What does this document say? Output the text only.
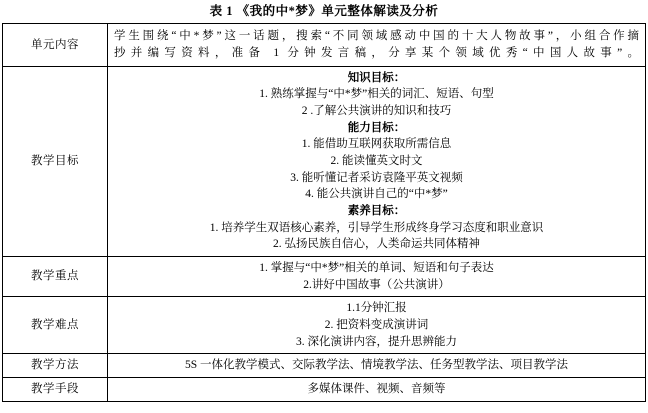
表 1 《我的中*梦》单元整体解读及分析
单元内容	学生围绕“中*梦”这一话题，搜索“不同领域感动中国的十大人物故事”，小组合作摘
抄并编写资料，准备 1 分钟发言稿，分享某个领域优秀“中国人故事”。

教学目标	
知识目标：
1. 熟练掌握与“中*梦”相关的词汇、短语、句型
2 .了解公共演讲的知识和技巧
能力目标：
1. 能借助互联网获取所需信息
2. 能读懂英文时文
3. 能听懂记者采访袁隆平英文视频
4. 能公共演讲自己的“中*梦”
素养目标：
1. 培养学生双语核心素养，引导学生形成终身学习态度和职业意识
2. 弘扬民族自信心，人类命运共同体精神

教学重点	1. 掌握与“中*梦”相关的单词、短语和句子表达
2.讲好中国故事（公共演讲）

教学难点	1.1分钟汇报
2. 把资料变成演讲词
3. 深化演讲内容，提升思辨能力

教学方法	5S 一体化教学模式、交际教学法、情境教学法、任务型教学法、项目教学法

教学手段	多媒体课件、视频、音频等
